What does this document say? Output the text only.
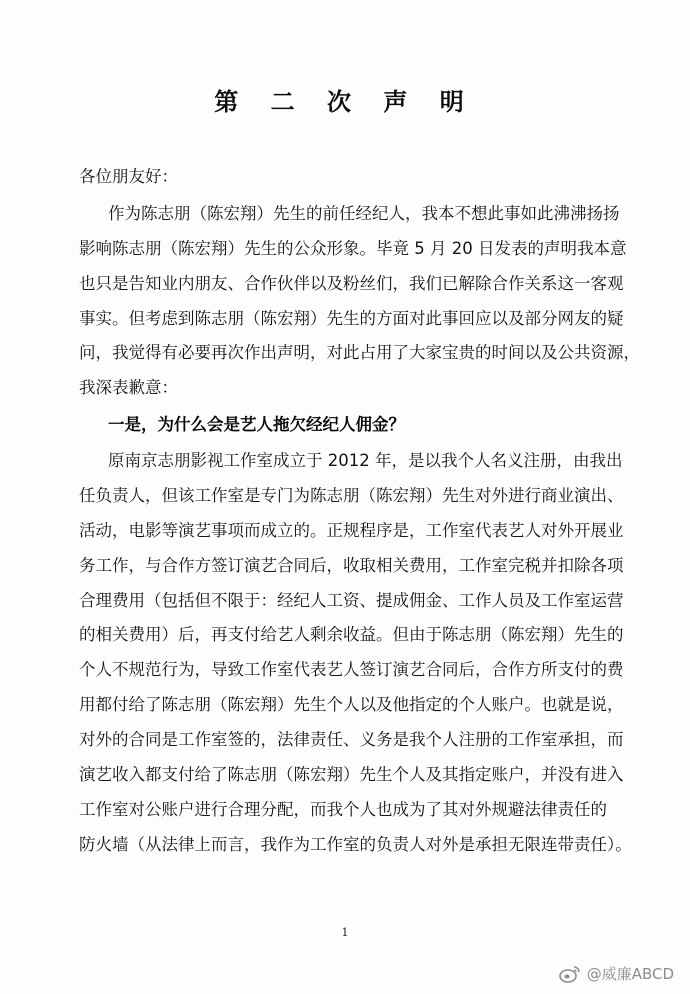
第 二 次 声 明
各位朋友好：
作为陈志朋（陈宏翔）先生的前任经纪人，我本不想此事如此沸沸扬扬
影响陈志朋（陈宏翔）先生的公众形象。毕竟 5 月 20 日发表的声明我本意
也只是告知业内朋友、合作伙伴以及粉丝们，我们已解除合作关系这一客观
事实。但考虑到陈志朋（陈宏翔）先生的方面对此事回应以及部分网友的疑
问，我觉得有必要再次作出声明，对此占用了大家宝贵的时间以及公共资源，
我深表歉意：
一是，为什么会是艺人拖欠经纪人佣金？
原南京志朋影视工作室成立于 2012 年，是以我个人名义注册，由我出
任负责人，但该工作室是专门为陈志朋（陈宏翔）先生对外进行商业演出、
活动，电影等演艺事项而成立的。正规程序是，工作室代表艺人对外开展业
务工作，与合作方签订演艺合同后，收取相关费用，工作室完税并扣除各项
合理费用（包括但不限于：经纪人工资、提成佣金、工作人员及工作室运营
的相关费用）后，再支付给艺人剩余收益。但由于陈志朋（陈宏翔）先生的
个人不规范行为，导致工作室代表艺人签订演艺合同后，合作方所支付的费
用都付给了陈志朋（陈宏翔）先生个人以及他指定的个人账户。也就是说，
对外的合同是工作室签的，法律责任、义务是我个人注册的工作室承担，而
演艺收入都支付给了陈志朋（陈宏翔）先生个人及其指定账户，并没有进入
工作室对公账户进行合理分配，而我个人也成为了其对外规避法律责任的
防火墙（从法律上而言，我作为工作室的负责人对外是承担无限连带责任）。
1
@威廉ABCD
